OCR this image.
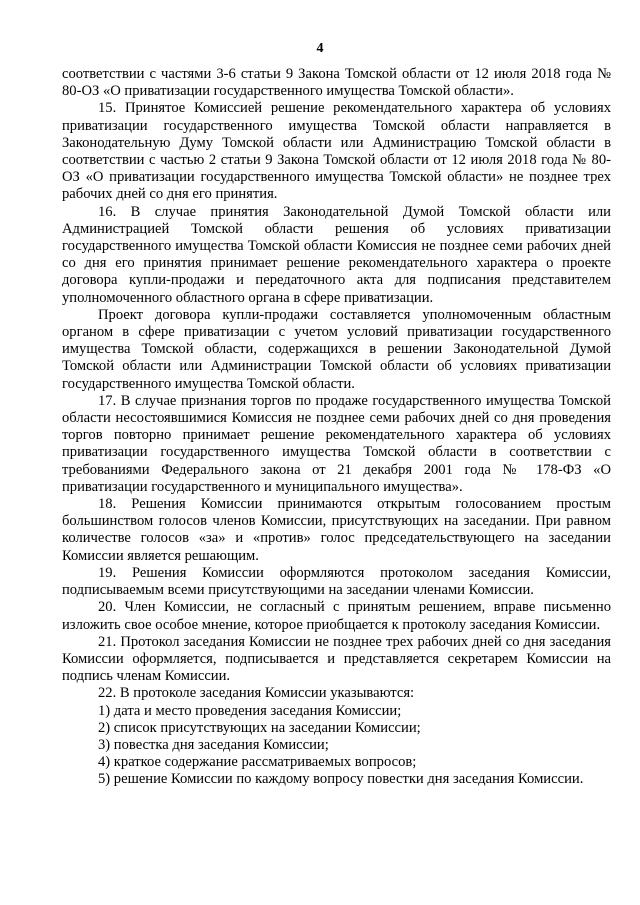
4

соответствии с частями 3-6 статьи 9 Закона Томской области от 12 июля 2018 года № 80-ОЗ «О приватизации государственного имущества Томской области».

15. Принятое Комиссией решение рекомендательного характера об условиях приватизации государственного имущества Томской области направляется в Законодательную Думу Томской области или Администрацию Томской области в соответствии с частью 2 статьи 9 Закона Томской области от 12 июля 2018 года № 80-ОЗ «О приватизации государственного имущества Томской области» не позднее трех рабочих дней со дня его принятия.

16. В случае принятия Законодательной Думой Томской области или Администрацией Томской области решения об условиях приватизации государственного имущества Томской области Комиссия не позднее семи рабочих дней со дня его принятия принимает решение рекомендательного характера о проекте договора купли-продажи и передаточного акта для подписания представителем уполномоченного областного органа в сфере приватизации.

Проект договора купли-продажи составляется уполномоченным областным органом в сфере приватизации с учетом условий приватизации государственного имущества Томской области, содержащихся в решении Законодательной Думой Томской области или Администрации Томской области об условиях приватизации государственного имущества Томской области.

17. В случае признания торгов по продаже государственного имущества Томской области несостоявшимися Комиссия не позднее семи рабочих дней со дня проведения торгов повторно принимает решение рекомендательного характера об условиях приватизации государственного имущества Томской области в соответствии с требованиями Федерального закона от 21 декабря 2001 года № 178-ФЗ «О приватизации государственного и муниципального имущества».

18. Решения Комиссии принимаются открытым голосованием простым большинством голосов членов Комиссии, присутствующих на заседании. При равном количестве голосов «за» и «против» голос председательствующего на заседании Комиссии является решающим.

19. Решения Комиссии оформляются протоколом заседания Комиссии, подписываемым всеми присутствующими на заседании членами Комиссии.

20. Член Комиссии, не согласный с принятым решением, вправе письменно изложить свое особое мнение, которое приобщается к протоколу заседания Комиссии.

21. Протокол заседания Комиссии не позднее трех рабочих дней со дня заседания Комиссии оформляется, подписывается и представляется секретарем Комиссии на подпись членам Комиссии.

22. В протоколе заседания Комиссии указываются:

1) дата и место проведения заседания Комиссии;

2) список присутствующих на заседании Комиссии;

3) повестка дня заседания Комиссии;

4) краткое содержание рассматриваемых вопросов;

5) решение Комиссии по каждому вопросу повестки дня заседания Комиссии.
